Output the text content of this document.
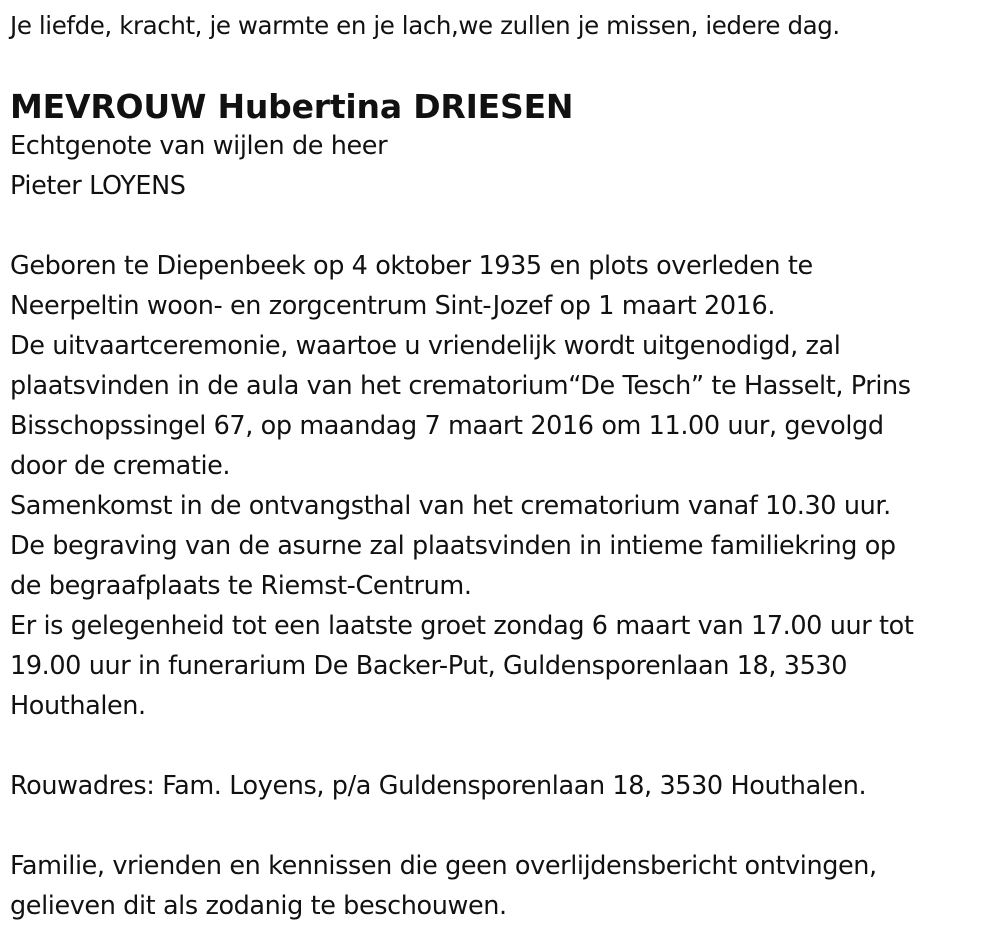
Je liefde, kracht, je warmte en je lach,we zullen je missen, iedere dag.
MEVROUW Hubertina DRIESEN
Echtgenote van wijlen de heer
Pieter LOYENS
Geboren te Diepenbeek op 4 oktober 1935 en plots overleden te
Neerpeltin woon- en zorgcentrum Sint-Jozef op 1 maart 2016.
De uitvaartceremonie, waartoe u vriendelijk wordt uitgenodigd, zal
plaatsvinden in de aula van het crematorium“De Tesch” te Hasselt, Prins
Bisschopssingel 67, op maandag 7 maart 2016 om 11.00 uur, gevolgd
door de crematie.
Samenkomst in de ontvangsthal van het crematorium vanaf 10.30 uur.
De begraving van de asurne zal plaatsvinden in intieme familiekring op
de begraafplaats te Riemst-Centrum.
Er is gelegenheid tot een laatste groet zondag 6 maart van 17.00 uur tot
19.00 uur in funerarium De Backer-Put, Guldensporenlaan 18, 3530
Houthalen.
Rouwadres: Fam. Loyens, p/a Guldensporenlaan 18, 3530 Houthalen.
Familie, vrienden en kennissen die geen overlijdensbericht ontvingen,
gelieven dit als zodanig te beschouwen.
